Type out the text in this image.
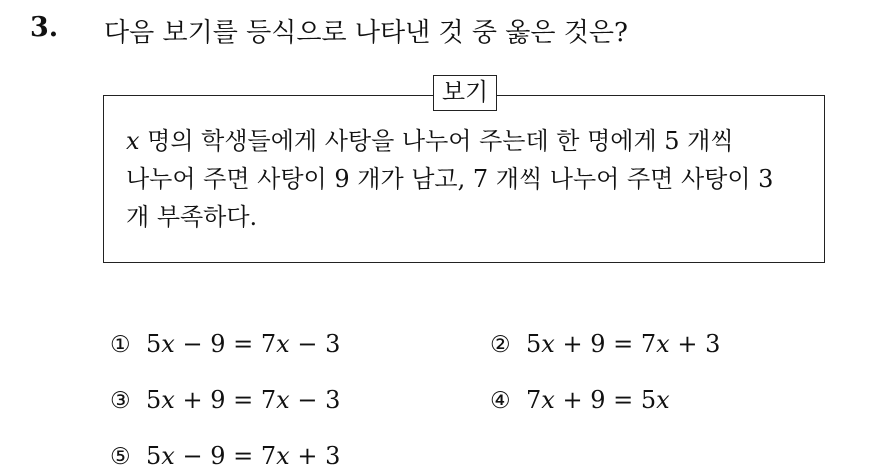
3. 다음 보기를 등식으로 나타낸 것 중 옳은 것은?
보기
x 명의 학생들에게 사탕을 나누어 주는데 한 명에게 5 개씩
나누어 주면 사탕이 9 개가 남고, 7 개씩 나누어 주면 사탕이 3
개 부족하다.
① 5x − 9 = 7x − 3	② 5x + 9 = 7x + 3
③ 5x + 9 = 7x − 3	④ 7x + 9 = 5x
⑤ 5x − 9 = 7x + 3
